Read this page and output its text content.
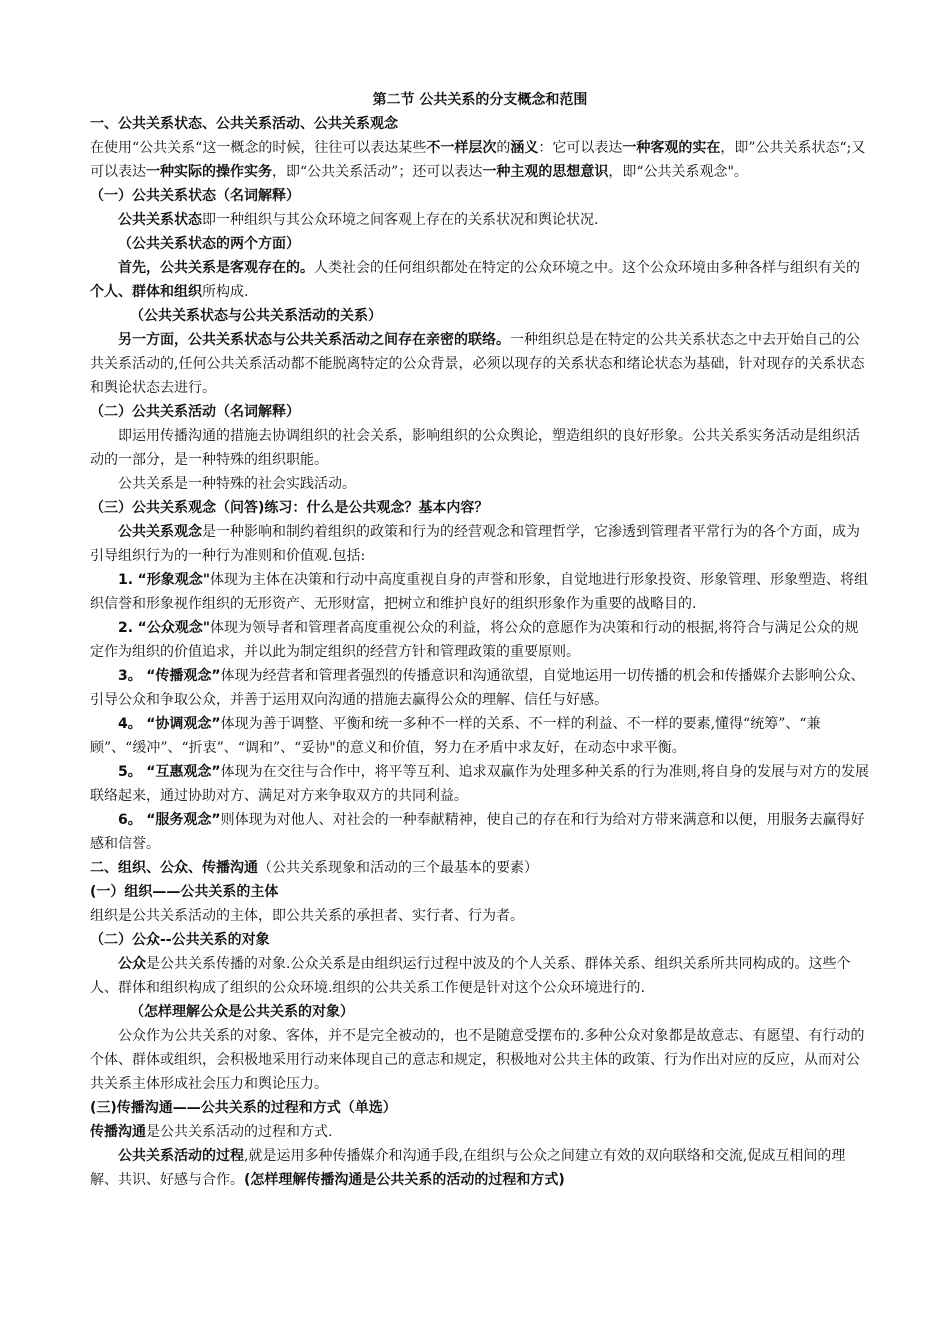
第二节 公共关系的分支概念和范围

一、公共关系状态、公共关系活动、公共关系观念

在使用“公共关系“这一概念的时候，往往可以表达某些不一样层次的涵义：它可以表达一种客观的实在，即”公共关系状态“;又可以表达一种实际的操作实务，即“公共关系活动”；还可以表达一种主观的思想意识，即“公共关系观念"。

（一）公共关系状态（名词解释）

公共关系状态即一种组织与其公众环境之间客观上存在的关系状况和舆论状况.

（公共关系状态的两个方面）

首先，公共关系是客观存在的。人类社会的任何组织都处在特定的公众环境之中。这个公众环境由多种各样与组织有关的个人、群体和组织所构成.

（公共关系状态与公共关系活动的关系）

另一方面，公共关系状态与公共关系活动之间存在亲密的联络。一种组织总是在特定的公共关系状态之中去开始自己的公共关系活动的,任何公共关系活动都不能脱离特定的公众背景，必须以现存的关系状态和绪论状态为基础，针对现存的关系状态和舆论状态去进行。

（二）公共关系活动（名词解释）

即运用传播沟通的措施去协调组织的社会关系，影响组织的公众舆论，塑造组织的良好形象。公共关系实务活动是组织活动的一部分，是一种特殊的组织职能。

公共关系是一种特殊的社会实践活动。

（三）公共关系观念（问答)练习：什么是公共观念？基本内容？

公共关系观念是一种影响和制约着组织的政策和行为的经营观念和管理哲学，它渗透到管理者平常行为的各个方面，成为引导组织行为的一种行为准则和价值观.包括:

1. “形象观念"体现为主体在决策和行动中高度重视自身的声誉和形象，自觉地进行形象投资、形象管理、形象塑造、将组织信誉和形象视作组织的无形资产、无形财富，把树立和维护良好的组织形象作为重要的战略目的.

2. “公众观念"体现为领导者和管理者高度重视公众的利益，将公众的意愿作为决策和行动的根据,将符合与满足公众的规定作为组织的价值追求，并以此为制定组织的经营方针和管理政策的重要原则。

3。 “传播观念”体现为经营者和管理者强烈的传播意识和沟通欲望，自觉地运用一切传播的机会和传播媒介去影响公众、引导公众和争取公众，并善于运用双向沟通的措施去赢得公众的理解、信任与好感。

4。 “协调观念”体现为善于调整、平衡和统一多种不一样的关系、不一样的利益、不一样的要素,懂得“统筹”、“兼顾”、“缓冲”、“折衷”、“调和”、“妥协"的意义和价值，努力在矛盾中求友好，在动态中求平衡。

5。 “互惠观念”体现为在交往与合作中，将平等互利、追求双赢作为处理多种关系的行为准则,将自身的发展与对方的发展联络起来，通过协助对方、满足对方来争取双方的共同利益。

6。 “服务观念”则体现为对他人、对社会的一种奉献精神，使自己的存在和行为给对方带来满意和以便，用服务去赢得好感和信誉。

二、组织、公众、传播沟通（公共关系现象和活动的三个最基本的要素）

(一）组织——公共关系的主体

组织是公共关系活动的主体，即公共关系的承担者、实行者、行为者。

（二）公众--公共关系的对象

公众是公共关系传播的对象.公众关系是由组织运行过程中波及的个人关系、群体关系、组织关系所共同构成的。这些个人、群体和组织构成了组织的公众环境.组织的公共关系工作便是针对这个公众环境进行的.

（怎样理解公众是公共关系的对象）

公众作为公共关系的对象、客体，并不是完全被动的，也不是随意受摆布的.多种公众对象都是故意志、有愿望、有行动的个体、群体或组织，会积极地采用行动来体现自己的意志和规定，积极地对公共主体的政策、行为作出对应的反应，从而对公共关系主体形成社会压力和舆论压力。

(三)传播沟通——公共关系的过程和方式（单选）

传播沟通是公共关系活动的过程和方式.

公共关系活动的过程,就是运用多种传播媒介和沟通手段,在组织与公众之间建立有效的双向联络和交流,促成互相间的理解、共识、好感与合作。(怎样理解传播沟通是公共关系的活动的过程和方式)
